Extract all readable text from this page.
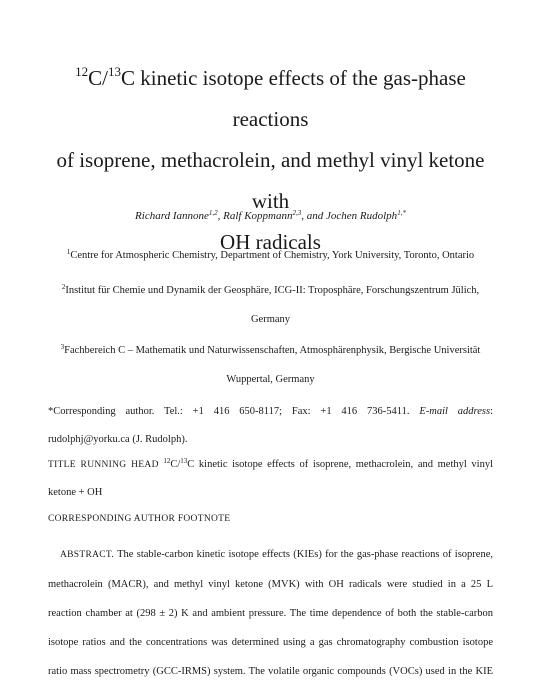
$^{12}$C/$^{13}$C kinetic isotope effects of the gas-phase reactions
of isoprene, methacrolein, and methyl vinyl ketone with
OH radicals
Richard Iannone$^{1,2}$, Ralf Koppmann$^{2,3}$, and Jochen Rudolph$^{1,*}$
$^1$Centre for Atmospheric Chemistry, Department of Chemistry, York University, Toronto, Ontario
$^2$Institut für Chemie und Dynamik der Geosphäre, ICG-II: Troposphäre, Forschungszentrum Jülich,
Germany
$^3$Fachbereich C – Mathematik und Naturwissenschaften, Atmosphärenphysik, Bergische Universität
Wuppertal, Germany
*Corresponding author. Tel.: +1 416 650-8117; Fax: +1 416 736-5411. E-mail address:
rudolphj@yorku.ca (J. Rudolph).
TITLE RUNNING HEAD $^{12}$C/$^{13}$C kinetic isotope effects of isoprene, methacrolein, and methyl vinyl
ketone + OH
CORRESPONDING AUTHOR FOOTNOTE
ABSTRACT. The stable-carbon kinetic isotope effects (KIEs) for the gas-phase reactions of isoprene,
methacrolein (MACR), and methyl vinyl ketone (MVK) with OH radicals were studied in a 25 L
reaction chamber at (298 ± 2) K and ambient pressure. The time dependence of both the stable-carbon
isotope ratios and the concentrations was determined using a gas chromatography combustion isotope
ratio mass spectrometry (GCC-IRMS) system. The volatile organic compounds (VOCs) used in the KIE
